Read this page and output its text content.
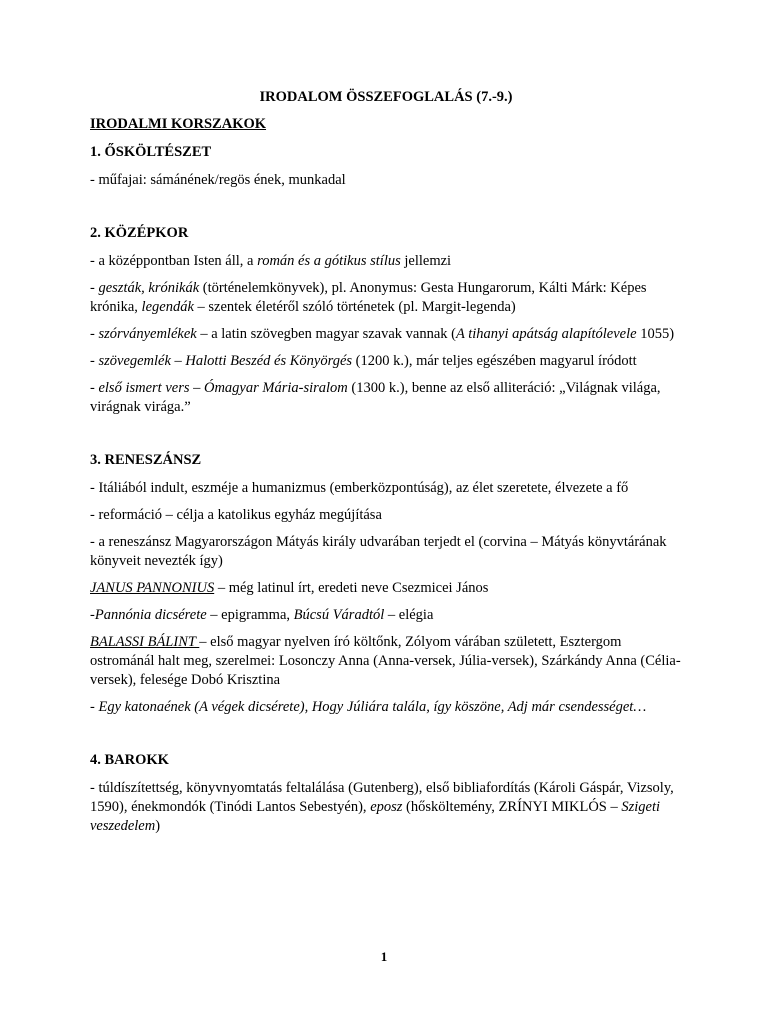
IRODALOM ÖSSZEFOGLALÁS (7.-9.)
IRODALMI KORSZAKOK
1. ŐSKÖLTÉSZET
- műfajai: sámánének/regös ének, munkadal
2. KÖZÉPKOR
- a középpontban Isten áll, a román és a gótikus stílus jellemzi
- geszták, krónikák (történelemkönyvek), pl. Anonymus: Gesta Hungarorum, Kálti Márk: Képes krónika, legendák – szentek életéről szóló történetek (pl. Margit-legenda)
- szórványemlékek – a latin szövegben magyar szavak vannak (A tihanyi apátság alapítólevele 1055)
- szövegemlék – Halotti Beszéd és Könyörgés (1200 k.), már teljes egészében magyarul íródott
- első ismert vers – Ómagyar Mária-siralom (1300 k.), benne az első alliteráció: „Világnak világa, virágnak virága.”
3. RENESZÁNSZ
- Itáliából indult, eszméje a humanizmus (emberközpontúság), az élet szeretete, élvezete a fő
- reformáció – célja a katolikus egyház megújítása
- a reneszánsz Magyarországon Mátyás király udvarában terjedt el (corvina – Mátyás könyvtárának könyveit nevezték így)
JANUS PANNONIUS – még latinul írt, eredeti neve Csezmicei János
-Pannónia dicsérete – epigramma, Búcsú Váradtól – elégia
BALASSI BÁLINT – első magyar nyelven író költőnk, Zólyom várában született, Esztergom ostrománál halt meg, szerelmei: Losonczy Anna (Anna-versek, Júlia-versek), Szárkándy Anna (Célia-versek), felesége Dobó Krisztina
- Egy katonaének (A végek dicsérete), Hogy Júliára talála, így köszöne, Adj már csendességet…
4. BAROKK
- túldíszítettség, könyvnyomtatás feltalálása (Gutenberg), első bibliafordítás (Károli Gáspár, Vizsoly, 1590), énekmondók (Tinódi Lantos Sebestyén), eposz (hősköltemény, ZRÍNYI MIKLÓS – Szigeti veszedelem)
1
